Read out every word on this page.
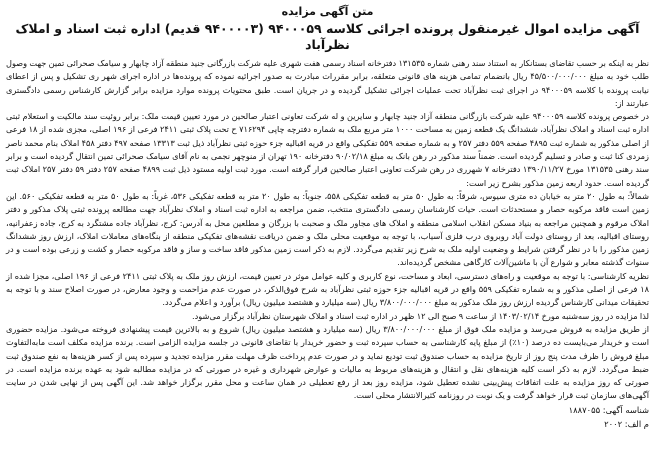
متن آگهی مزایده
آگهی مزایده اموال غیرمنقول پرونده اجرائی کلاسه ۹۴۰۰۰۵۹ (۹۴۰۰۰۰۳ قدیم) اداره ثبت اسناد و املاک نظرآباد

نظر به اینکه بر حسب تقاضای بستانکار به استناد سند رهنی شماره ۱۳۱۵۳۵ دفترخانه اسناد رسمی هفت شهری علیه شرکت بازرگانی جنید منطقه آزاد چابهار و سیامک صحرائی تمین جهت وصول طلب خود به مبلغ ۴۵/۵۰۰/۰۰۰/۰۰۰ ریال بانضمام تمامی هزینه های قانونی متعلقه، برابر مقررات مبادرت به صدور اجرائیه نموده که پرونده‌ها در اداره اجرای شهر ری تشکیل و پس از اعطای نیابت پرونده با کلاسه ۹۴۰۰۰۵۹ در اجرای ثبت نظرآباد تحت عملیات اجرائی تشکیل گردیده و در جریان است. طبق محتویات پرونده موارد مزایده برابر گزارش کارشناس رسمی دادگستری عبارتند از:

در خصوص پرونده کلاسه ۹۴۰۰۰۵۹ علیه شرکت بازرگانی منطقه آزاد جنید چابهار و سایرین و له شرکت تعاونی اعتبار صالحین در مورد تعیین قیمت ملک: برابر روئیت سند مالکیت و استعلام ثبتی اداره ثبت اسناد و املاک نظرآباد، ششدانگ یک قطعه زمین به مساحت ۱۰۰۰ متر مربع ملک به شماره دفترچه چاپی ۷۱۶۲۹۴ ح تحت پلاک ثبتی ۲۴۱۱ فرعی از ۱۹۶ اصلی، مجزی شده از ۱۸ فرعی از اصلی مذکور به شماره ثبت ۴۸۹۵ صفحه ۵۵۹ دفتر ۲۵۷ و به شماره صفحه ۵۵۹ تفکیکی واقع در قریه اقبالیه جزء حوزه ثبتی نظرآباد ذیل ثبت ۱۳۳۱۳ صفحه ۴۹۷ دفتر ۴۵۸ املاک بنام محمد ناصر زمردی کنا ثبت و صادر و تسلیم گردیده است. ضمناً سند مذکور در رهن بانک به مبلغ ۹۰/۰۲/۱۸ دفترخانه ۱۹۰ تهران از منوچهر نجمی به نام آقای سیامک صحرائی تمین انتقال گردیده است و برابر سند رهنی ۱۳۱۵۳۵ مورخ ۱۳۹۰/۱۱/۲۷ دفترخانه ۷ شهرری در رهن شرکت تعاونی اعتبار صالحین قرار گرفته است. مورد ثبت اولیه مستود ذیل ثبت ۴۸۹۹ صفحه ۲۵۷ دفتر ۵۹ دفتر ۲۵۷ املاک ثبت گردیده است. حدود اربعه زمین مذکور بشرح زیر است:

شمالاً: به طول ۲۰ متر به خیابان ده متری سیوس، شرقاً: به طول ۵۰ متر به قطعه تفکیکی ۵۵۸، جنوباً: به طول ۲۰ متر به قطعه تفکیکی ۵۳۶، غرباً: به طول ۵۰ متر به قطعه تفکیکی ۵۶۰. این زمین است فاقد مرکوبه حصار و مستحدثات است. حیات کارشناسان رسمی دادگستری منتخب، ضمن مراجعه به اداره ثبت اسناد و املاک نظرآباد جهت مطالعه پرونده ثبتی پلاک مذکور و دفتر املاک مرقوم و همچنین مراجعه به بنیاد مسکن انقلاب اسلامی منطقه و املاک های مجاور ملک و صحبت با بزرگان و مطلعین محل به آدرس: کرج، نظرآباد جاده مشتگرد به کرج، جاده زعفرانیه، روستای اقبالیه، بعد از روستای دولت آباد روبروی درب فلزی آسیاب، با توجه به موقعیت محلی ملک و ضمن دریافت نقشه‌های تفکیکی منطقه از بنگاه‌های معاملات املاک، ارزش روز ششدانگ زمین مذکور را با در نظر گرفتن شرایط و وضعیت اولیه ملک به شرح زیر تقدیم می‌گردد. لازم به ذکر است زمین مذکور فاقد ساخت و ساز و فاقد مرکوبه حصار و کشت و زرعی بوده است و در سنوات گذشته معابر و شوارع آن با ماشین‌آلات کارگاهی مشخص گردیده‌اند.

نظریه کارشناسی: با توجه به موقعیت و راه‌های دسترسی، ابعاد و مساحت، نوع کاربری و کلیه عوامل موثر در تعیین قیمت، ارزش روز ملک به پلاک ثبتی ۲۴۱۱ فرعی از ۱۹۶ اصلی، مجزا شده از ۱۸ فرعی از اصلی مذکور و به شماره تفکیکی ۵۵۹ واقع در قریه اقبالیه جزء حوزه ثبتی نظرآباد به شرح فوق‌الذکر، در صورت عدم مزاحمت و وجود معارض، در صورت اصلاح سند و با توجه به تحقیقات میدانی کارشناس گردیده ارزش روز ملک مذکور به مبلغ ۳/۸۰۰/۰۰۰/۰۰۰ ریال (سه میلیارد و هشتصد میلیون ریال) برآورد و اعلام می‌گردد.

لذا مزایده در روز سه‌شنبه مورخ ۱۴۰۳/۰۲/۱۴ از ساعت ۹ صبح الی ۱۲ ظهر در اداره ثبت اسناد و املاک شهرستان نظرآباد برگزار می‌شود.

از طریق مزایده به فروش می‌رسد و مزایده ملک فوق از مبلغ ۳/۸۰۰/۰۰۰/۰۰۰ ریال (سه میلیارد و هشتصد میلیون ریال) شروع و به بالاترین قیمت پیشنهادی فروخته می‌شود. مزایده حضوری است و خریدار می‌بایست ده درصد (۱۰٪) از مبلغ پایه کارشناسی به حساب سپرده ثبت و حضور خریدار با تقاضای قانونی در جلسه مزایده الزامی است. برنده مزایده مکلف است مابه‌التفاوت مبلغ فروش را ظرف مدت پنج روز از تاریخ مزایده به حساب صندوق ثبت تودیع نماید و در صورت عدم پرداخت ظرف مهلت مقرر مزایده تجدید و سپرده پس از کسر هزینه‌ها به نفع صندوق ثبت ضبط می‌گردد. لازم به ذکر است کلیه هزینه‌های نقل و انتقال و هزینه‌های مربوط به مالیات و عوارض شهرداری و غیره در صورتی که در مزایده مطالبه شود به عهده برنده مزایده است. در صورتی که روز مزایده به علت اتفاقات پیش‌بینی نشده تعطیل شود، مزایده روز بعد از رفع تعطیلی در همان ساعت و محل مقرر برگزار خواهد شد. این آگهی پس از نهایی شدن در سایت آگهی‌های سازمان ثبت قرار خواهد گرفت و یک نوبت در روزنامه کثیرالانتشار محلی است.

شناسه آگهی: ۱۸۸۷۰۵۵
م الف: ۲۰۰۲
